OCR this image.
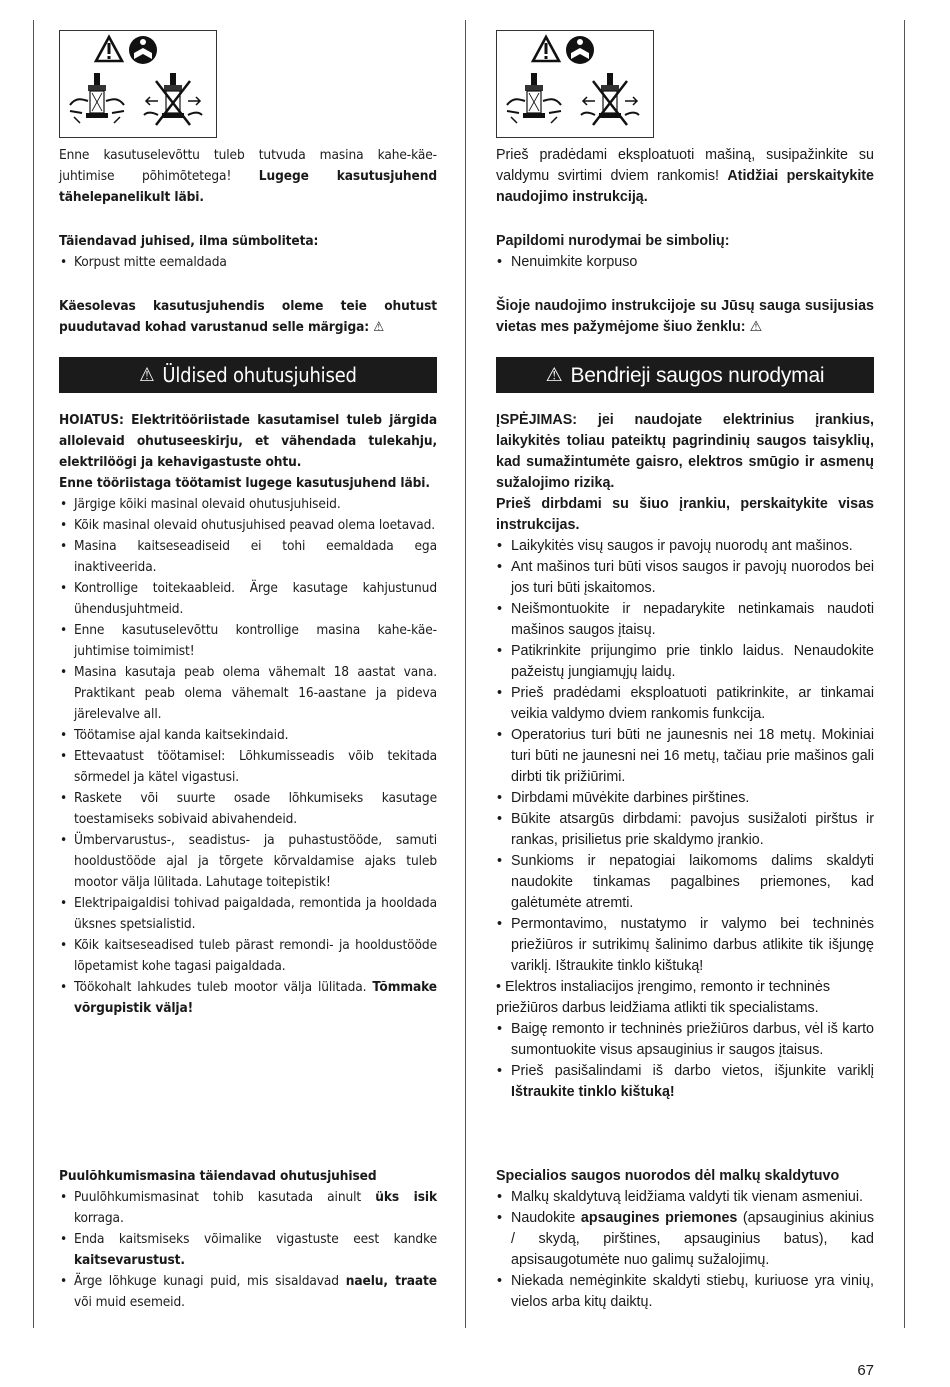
Enne kasutuselevõttu tuleb tutvuda masina kahe-käe-juhtimise põhimõtetega! Lugege kasutusjuhend tähelepanelikult läbi.

Täiendavad juhised, ilma sümboliteta:

• Korpust mitte eemaldada

Käesolevas kasutusjuhendis oleme teie ohutust puudutavad kohad varustanud selle märgiga: ⚠

⚠ Üldised ohutusjuhised

HOIATUS: Elektritööriistade kasutamisel tuleb järgida allolevaid ohutuseeskirju, et vähendada tulekahju, elektrilöögi ja kehavigastuste ohtu.

Enne tööriistaga töötamist lugege kasutusjuhend läbi.

• Järgige kõiki masinal olevaid ohutusjuhiseid.
• Kõik masinal olevaid ohutusjuhised peavad olema loetavad.
• Masina kaitseseadiseid ei tohi eemaldada ega inaktiveerida.
• Kontrollige toitekaableid. Ärge kasutage kahjustunud ühendusjuhtmeid.
• Enne kasutuselevõttu kontrollige masina kahe-käe-juhtimise toimimist!
• Masina kasutaja peab olema vähemalt 18 aastat vana. Praktikant peab olema vähemalt 16-aastane ja pideva järelevalve all.
• Töötamise ajal kanda kaitsekindaid.
• Ettevaatust töötamisel: Lõhkumisseadis võib tekitada sõrmedel ja kätel vigastusi.
• Raskete või suurte osade lõhkumiseks kasutage toestamiseks sobivaid abivahendeid.
• Ümbervarustus-, seadistus- ja puhastustööde, samuti hooldustööde ajal ja tõrgete kõrvaldamise ajaks tuleb mootor välja lülitada. Lahutage toitepistik!
• Elektripaigaldisi tohivad paigaldada, remontida ja hooldada üksnes spetsialistid.
• Kõik kaitseseadised tuleb pärast remondi- ja hooldustööde lõpetamist kohe tagasi paigaldada.
• Töökohalt lahkudes tuleb mootor välja lülitada. Tõmmake võrgupistik välja!

Puulõhkumismasina täiendavad ohutusjuhised

• Puulõhkumismasinat tohib kasutada ainult üks isik korraga.
• Enda kaitsmiseks võimalike vigastuste eest kandke kaitsevarustust.
• Ärge lõhkuge kunagi puid, mis sisaldavad naelu, traate või muid esemeid.

Prieš pradėdami eksploatuoti mašiną, susipažinkite su valdymu svirtimi dviem rankomis! Atidžiai perskaitykite naudojimo instrukciją.

Papildomi nurodymai be simbolių:

• Nenuimkite korpuso

Šioje naudojimo instrukcijoje su Jūsų sauga susijusias vietas mes pažymėjome šiuo ženklu: ⚠

⚠ Bendrieji saugos nurodymai

ĮSPĖJIMAS: jei naudojate elektrinius įrankius, laikykitės toliau pateiktų pagrindinių saugos taisyklių, kad sumažintumėte gaisro, elektros smūgio ir asmenų sužalojimo riziką.

Prieš dirbdami su šiuo įrankiu, perskaitykite visas instrukcijas.

• Laikykitės visų saugos ir pavojų nuorodų ant mašinos.
• Ant mašinos turi būti visos saugos ir pavojų nuorodos bei jos turi būti įskaitomos.
• Neišmontuokite ir nepadarykite netinkamais naudoti mašinos saugos įtaisų.
• Patikrinkite prijungimo prie tinklo laidus. Nenaudokite pažeistų jungiamųjų laidų.
• Prieš pradėdami eksploatuoti patikrinkite, ar tinkamai veikia valdymo dviem rankomis funkcija.
• Operatorius turi būti ne jaunesnis nei 18 metų. Mokiniai turi būti ne jaunesni nei 16 metų, tačiau prie mašinos gali dirbti tik prižiūrimi.
• Dirbdami mūvėkite darbines pirštines.
• Būkite atsargūs dirbdami: pavojus susižaloti pirštus ir rankas, prisilietus prie skaldymo įrankio.
• Sunkioms ir nepatogiai laikomoms dalims skaldyti naudokite tinkamas pagalbines priemones, kad galėtumėte atremti.
• Permontavimo, nustatymo ir valymo bei techninės priežiūros ir sutrikimų šalinimo darbus atlikite tik išjungę variklį. Ištraukite tinklo kištuką!
• Elektros instaliacijos įrengimo, remonto ir techninės priežiūros darbus leidžiama atlikti tik specialistams.
• Baigę remonto ir techninės priežiūros darbus, vėl iš karto sumontuokite visus apsauginius ir saugos įtaisus.
• Prieš pasišalindami iš darbo vietos, išjunkite variklį Ištraukite tinklo kištuką!

Specialios saugos nuorodos dėl malkų skaldytuvo

• Malkų skaldytuvą leidžiama valdyti tik vienam asmeniui.
• Naudokite apsaugines priemones (apsauginius akinius / skydą, pirštines, apsauginius batus), kad apsisaugotumėte nuo galimų sužalojimų.
• Niekada nemėginkite skaldyti stiebų, kuriuose yra vinių, vielos arba kitų daiktų.
67
